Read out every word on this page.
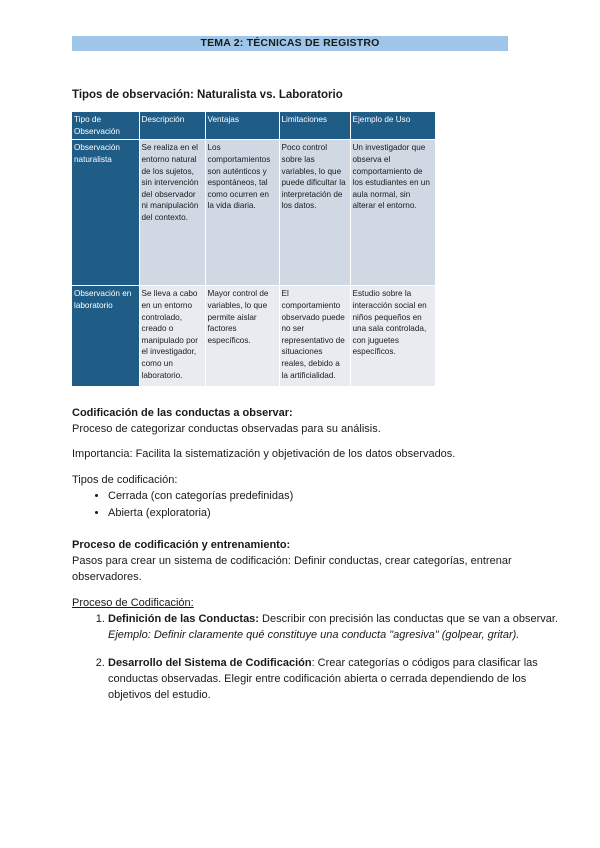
TEMA 2: TÉCNICAS DE REGISTRO
Tipos de observación: Naturalista vs. Laboratorio
Tipo de Observación	Descripción	Ventajas	Limitaciones	Ejemplo de Uso
Observación naturalista	Se realiza en el entorno natural de los sujetos, sin intervención del observador ni manipulación del contexto.	Los comportamientos son auténticos y espontáneos, tal como ocurren en la vida diaria.	Poco control sobre las variables, lo que puede dificultar la interpretación de los datos.	Un investigador que observa el comportamiento de los estudiantes en un aula normal, sin alterar el entorno.
Observación en laboratorio	Se lleva a cabo en un entorno controlado, creado o manipulado por el investigador, como un laboratorio.	Mayor control de variables, lo que permite aislar factores específicos.	El comportamiento observado puede no ser representativo de situaciones reales, debido a la artificialidad.	Estudio sobre la interacción social en niños pequeños en una sala controlada, con juguetes específicos.
Codificación de las conductas a observar:
Proceso de categorizar conductas observadas para su análisis.
Importancia: Facilita la sistematización y objetivación de los datos observados.
Tipos de codificación:
• Cerrada (con categorías predefinidas)
• Abierta (exploratoria)
Proceso de codificación y entrenamiento:
Pasos para crear un sistema de codificación: Definir conductas, crear categorías, entrenar observadores.
Proceso de Codificación:
1. Definición de las Conductas: Describir con precisión las conductas que se van a observar.
Ejemplo: Definir claramente qué constituye una conducta "agresiva" (golpear, gritar).
2. Desarrollo del Sistema de Codificación: Crear categorías o códigos para clasificar las conductas observadas. Elegir entre codificación abierta o cerrada dependiendo de los objetivos del estudio.
